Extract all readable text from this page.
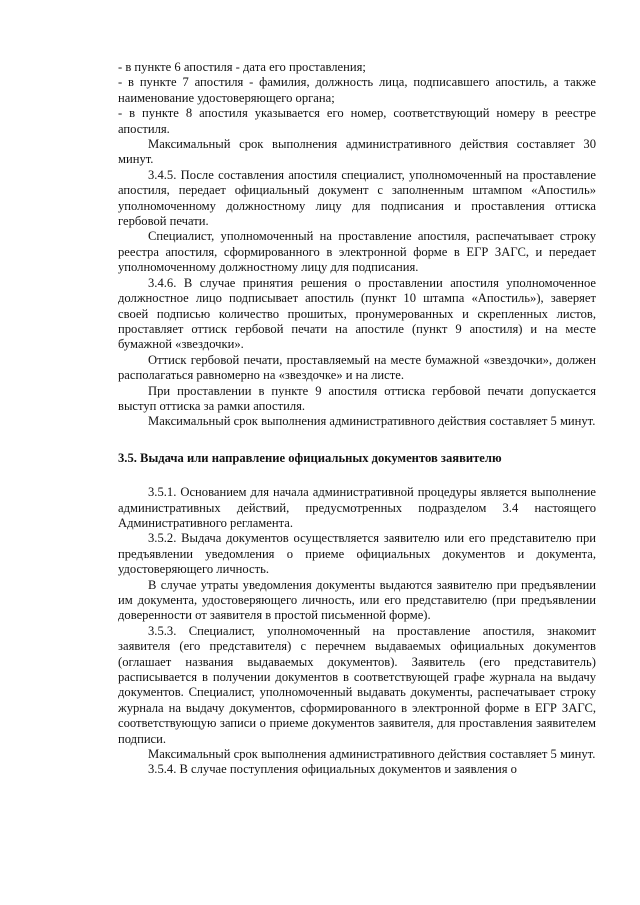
- в пункте 6 апостиля - дата его проставления;

- в пункте 7 апостиля - фамилия, должность лица, подписавшего апостиль, а также наименование удостоверяющего органа;

- в пункте 8 апостиля указывается его номер, соответствующий номеру в реестре апостиля.

Максимальный срок выполнения административного действия составляет 30 минут.

3.4.5. После составления апостиля специалист, уполномоченный на проставление апостиля, передает официальный документ с заполненным штампом «Апостиль» уполномоченному должностному лицу для подписания и проставления оттиска гербовой печати.

Специалист, уполномоченный на проставление апостиля, распечатывает строку реестра апостиля, сформированного в электронной форме в ЕГР ЗАГС, и передает уполномоченному должностному лицу для подписания.

3.4.6. В случае принятия решения о проставлении апостиля уполномоченное должностное лицо подписывает апостиль (пункт 10 штампа «Апостиль»), заверяет своей подписью количество прошитых, пронумерованных и скрепленных листов, проставляет оттиск гербовой печати на апостиле (пункт 9 апостиля) и на месте бумажной «звездочки».

Оттиск гербовой печати, проставляемый на месте бумажной «звездочки», должен располагаться равномерно на «звездочке» и на листе.

При проставлении в пункте 9 апостиля оттиска гербовой печати допускается выступ оттиска за рамки апостиля.

Максимальный срок выполнения административного действия составляет 5 минут.

3.5. Выдача или направление официальных документов заявителю

3.5.1. Основанием для начала административной процедуры является выполнение административных действий, предусмотренных подразделом 3.4 настоящего Административного регламента.

3.5.2. Выдача документов осуществляется заявителю или его представителю при предъявлении уведомления о приеме официальных документов и документа, удостоверяющего личность.

В случае утраты уведомления документы выдаются заявителю при предъявлении им документа, удостоверяющего личность, или его представителю (при предъявлении доверенности от заявителя в простой письменной форме).

3.5.3. Специалист, уполномоченный на проставление апостиля, знакомит заявителя (его представителя) с перечнем выдаваемых официальных документов (оглашает названия выдаваемых документов). Заявитель (его представитель) расписывается в получении документов в соответствующей графе журнала на выдачу документов. Специалист, уполномоченный выдавать документы, распечатывает строку журнала на выдачу документов, сформированного в электронной форме в ЕГР ЗАГС, соответствующую записи о приеме документов заявителя, для проставления заявителем подписи.

Максимальный срок выполнения административного действия составляет 5 минут.

3.5.4. В случае поступления официальных документов и заявления о
